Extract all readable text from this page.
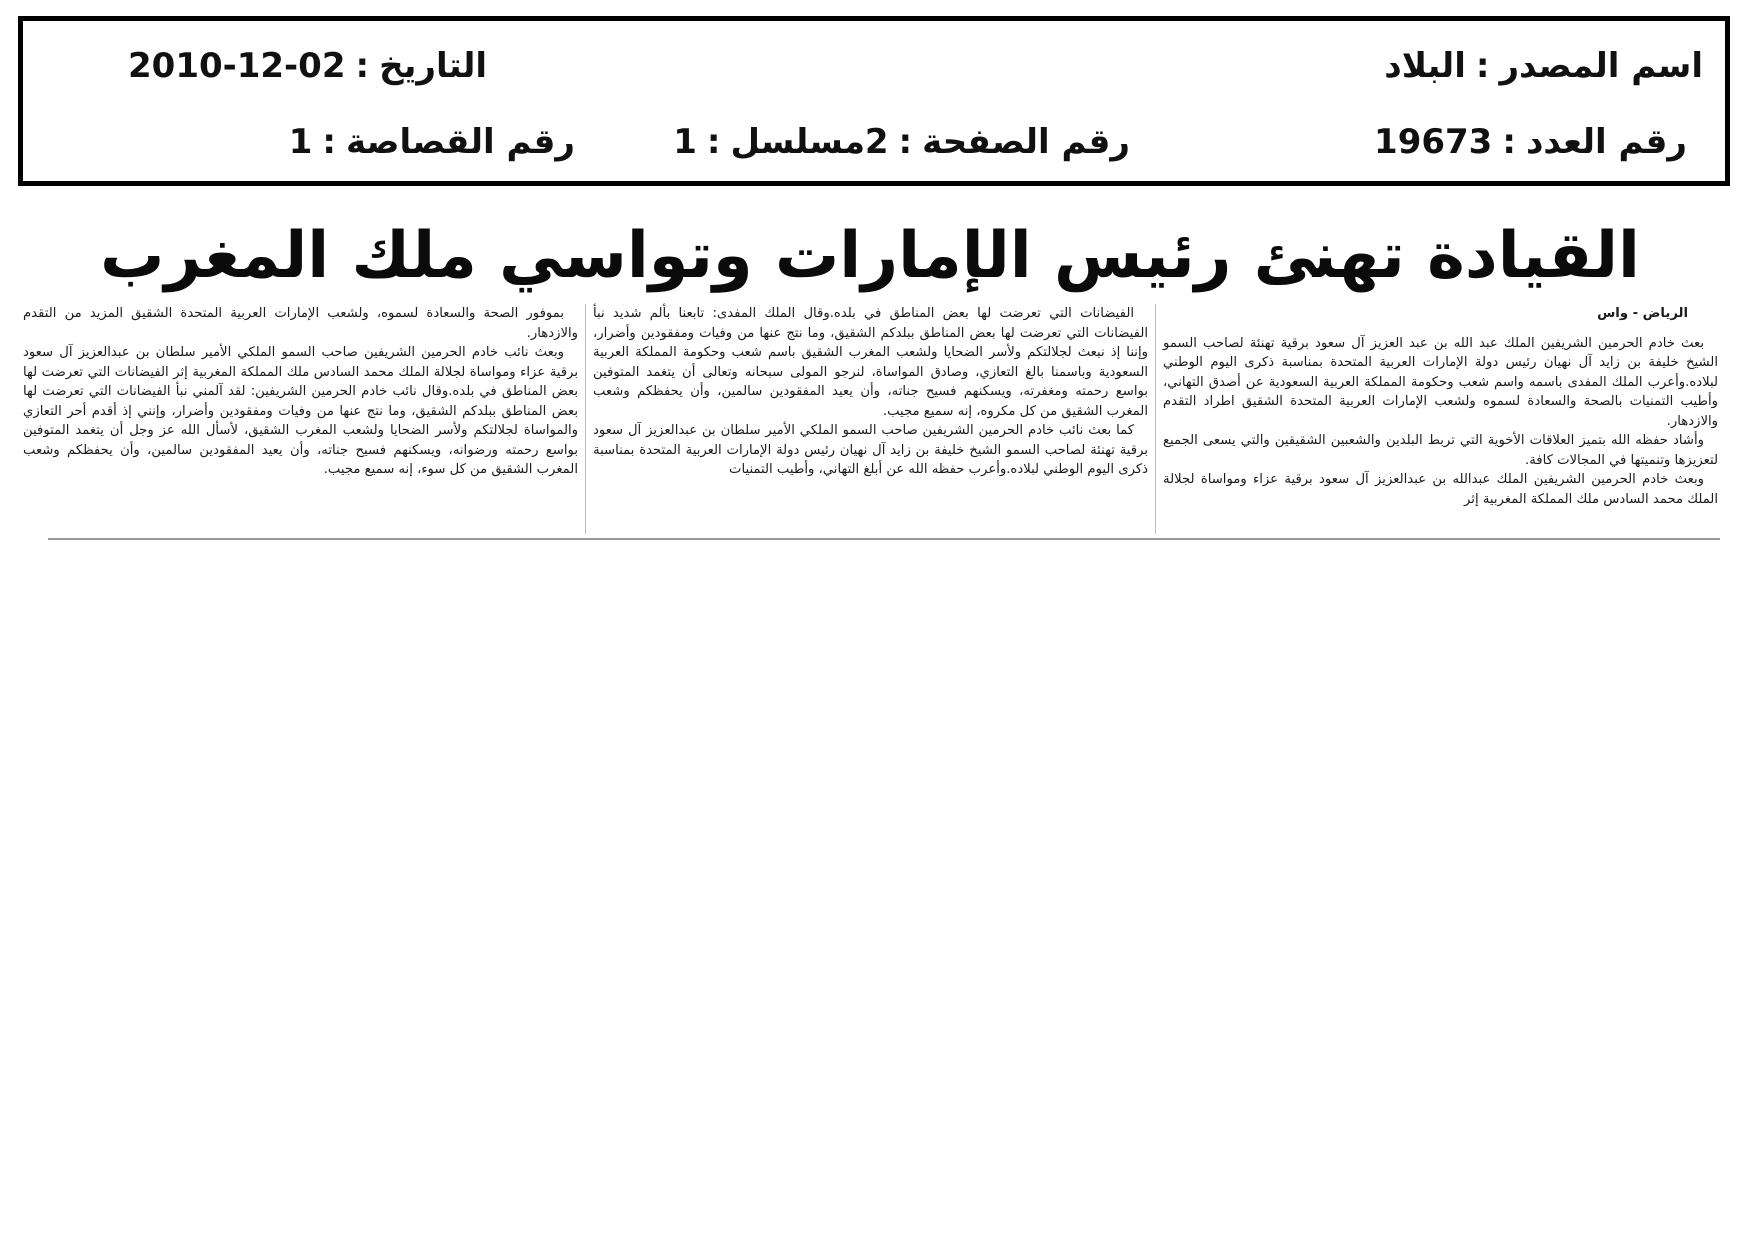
اسم المصدر:البلاد
التاريخ:2010-12-02
رقم العدد:19673
رقم الصفحة:2
مسلسل:1
رقم القصاصة:1
القيادة تهنئ رئيس الإمارات وتواسي ملك المغرب

الرياض - واس

بعث خادم الحرمين الشريفين الملك عبد الله بن عبد العزيز آل سعود برقية تهنئة لصاحب السمو الشيخ خليفة بن زايد آل نهيان رئيس دولة الإمارات العربية المتحدة بمناسبة ذكرى اليوم الوطني لبلاده.وأعرب الملك المفدى باسمه واسم شعب وحكومة المملكة العربية السعودية عن أصدق التهاني، وأطيب التمنيات بالصحة والسعادة لسموه ولشعب الإمارات العربية المتحدة الشقيق اطراد التقدم والازدهار.

وأشاد حفظه الله بتميز العلاقات الأخوية التي تربط البلدين والشعبين الشقيقين والتي يسعى الجميع لتعزيزها وتنميتها في المجالات كافة.

وبعث خادم الحرمين الشريفين الملك عبدالله بن عبدالعزيز آل سعود برقية عزاء ومواساة لجلالة الملك محمد السادس ملك المملكة المغربية إثر

الفيضانات التي تعرضت لها بعض المناطق في بلده.وقال الملك المفدى: تابعنا بألم شديد نبأ الفيضانات التي تعرضت لها بعض المناطق ببلدكم الشقيق، وما نتج عنها من وفيات ومفقودين وأضرار، وإننا إذ نبعث لجلالتكم ولأسر الضحايا ولشعب المغرب الشقيق باسم شعب وحكومة المملكة العربية السعودية وباسمنا بالغ التعازي، وصادق المواساة، لنرجو المولى سبحانه وتعالى أن يتغمد المتوفين بواسع رحمته ومغفرته، ويسكنهم فسيح جناته، وأن يعيد المفقودين سالمين، وأن يحفظكم وشعب المغرب الشقيق من كل مكروه، إنه سميع مجيب.

كما بعث نائب خادم الحرمين الشريفين صاحب السمو الملكي الأمير سلطان بن عبدالعزيز آل سعود برقية تهنئة لصاحب السمو الشيخ خليفة بن زايد آل نهيان رئيس دولة الإمارات العربية المتحدة بمناسبة ذكرى اليوم الوطني لبلاده.وأعرب حفظه الله عن أبلغ التهاني، وأطيب التمنيات

بموفور الصحة والسعادة لسموه، ولشعب الإمارات العربية المتحدة الشقيق المزيد من التقدم والازدهار.

وبعث نائب خادم الحرمين الشريفين صاحب السمو الملكي الأمير سلطان بن عبدالعزيز آل سعود برقية عزاء ومواساة لجلالة الملك محمد السادس ملك المملكة المغربية إثر الفيضانات التي تعرضت لها بعض المناطق في بلده.وقال نائب خادم الحرمين الشريفين: لقد آلمني نبأ الفيضانات التي تعرضت لها بعض المناطق ببلدكم الشقيق، وما نتج عنها من وفيات ومفقودين وأضرار، وإنني إذ أقدم أحر التعازي والمواساة لجلالتكم ولأسر الضحايا ولشعب المغرب الشقيق، لأسأل الله عز وجل أن يتغمد المتوفين بواسع رحمته ورضوانه، ويسكنهم فسيح جناته، وأن يعيد المفقودين سالمين، وأن يحفظكم وشعب المغرب الشقيق من كل سوء، إنه سميع مجيب.
